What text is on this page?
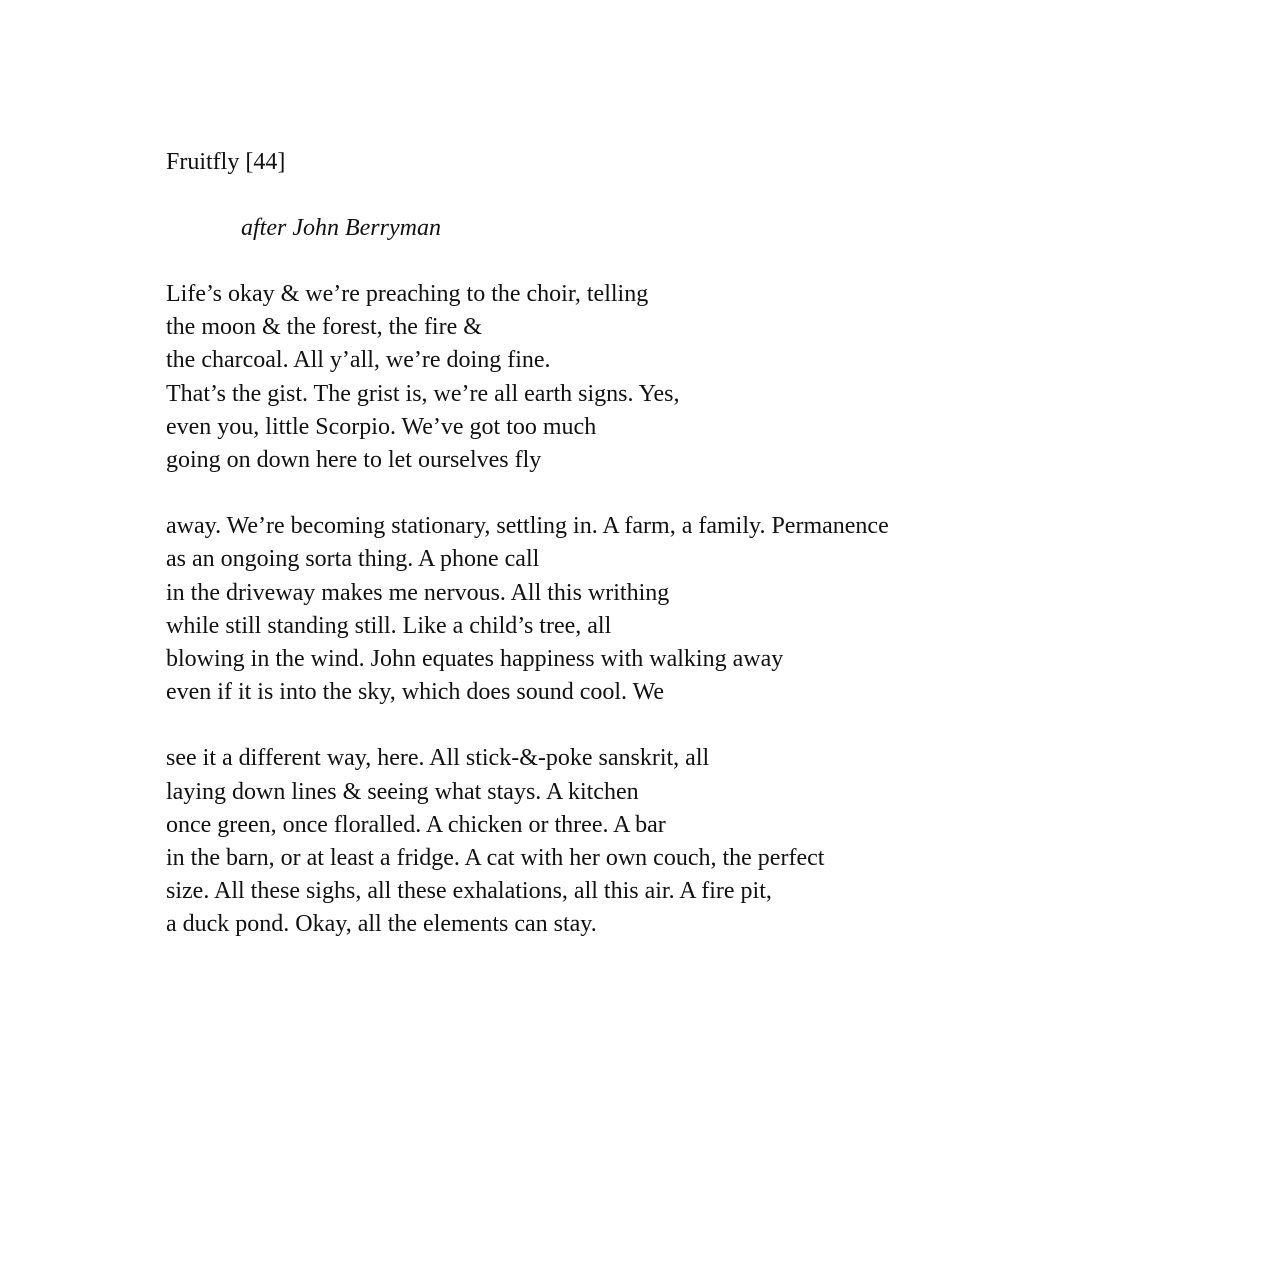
Fruitfly [44]
after John Berryman
Life’s okay & we’re preaching to the choir, telling
the moon & the forest, the fire &
the charcoal. All y’all, we’re doing fine.
That’s the gist. The grist is, we’re all earth signs. Yes,
even you, little Scorpio. We’ve got too much
going on down here to let ourselves fly
away. We’re becoming stationary, settling in. A farm, a family. Permanence
as an ongoing sorta thing. A phone call
in the driveway makes me nervous. All this writhing
while still standing still. Like a child’s tree, all
blowing in the wind. John equates happiness with walking away
even if it is into the sky, which does sound cool. We
see it a different way, here. All stick-&-poke sanskrit, all
laying down lines & seeing what stays. A kitchen
once green, once floralled. A chicken or three. A bar
in the barn, or at least a fridge. A cat with her own couch, the perfect
size. All these sighs, all these exhalations, all this air. A fire pit,
a duck pond. Okay, all the elements can stay.
